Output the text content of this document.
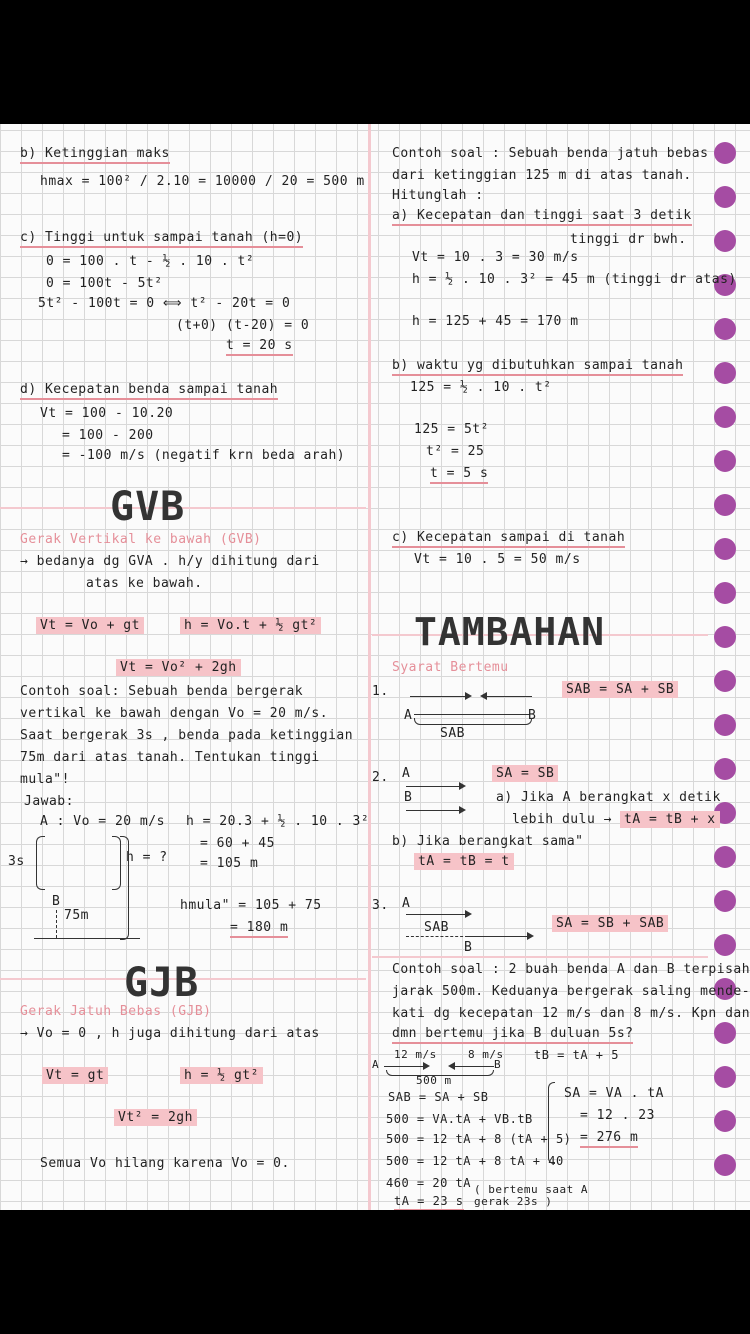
b) Ketinggian maks
hmax = 100² / 2.10 = 10000 / 20 = 500 m
c) Tinggi untuk sampai tanah (h=0)
0 = 100 . t - ½ . 10 . t²
0 = 100t - 5t²
5t² - 100t = 0 ⟺ t² - 20t = 0
(t+0) (t-20) = 0
t = 20 s
d) Kecepatan benda sampai tanah
Vt = 100 - 10.20
= 100 - 200
= -100 m/s (negatif krn beda arah)
GVB
Gerak Vertikal ke bawah (GVB)
→ bedanya dg GVA . h/y dihitung dari
atas ke bawah.
Vt = Vo + gt	h = Vo.t + ½ gt²
Vt = Vo² + 2gh
Contoh soal: Sebuah benda bergerak
vertikal ke bawah dengan Vo = 20 m/s.
Saat bergerak 3s , benda pada ketinggian
75m dari atas tanah. Tentukan tinggi
mula"!
Jawab:
A : Vo = 20 m/s
3s	h = ?
B
75m
h = 20.3 + ½ . 10 . 3²
= 60 + 45
= 105 m
hmula" = 105 + 75
= 180 m
GJB
Gerak Jatuh Bebas (GJB)
→ Vo = 0 , h juga dihitung dari atas
Vt = gt	h = ½ gt²
Vt² = 2gh
Semua Vo hilang karena Vo = 0.
Contoh soal : Sebuah benda jatuh bebas
dari ketinggian 125 m di atas tanah.
Hitunglah :
a) Kecepatan dan tinggi saat 3 detik
tinggi dr bwh.
Vt = 10 . 3 = 30 m/s
h = ½ . 10 . 3² = 45 m (tinggi dr atas)
h = 125 + 45 = 170 m
b) waktu yg dibutuhkan sampai tanah
125 = ½ . 10 . t²
125 = 5t²
t² = 25
t = 5 s
c) Kecepatan sampai di tanah
Vt = 10 . 5 = 50 m/s
TAMBAHAN
Syarat Bertemu
1.	SAB = SA + SB
A	B
SAB
2. A
B
SA = SB
a) Jika A berangkat x detik
lebih dulu → tA = tB + x
b) Jika berangkat sama"
tA = tB = t
3. A
SAB
B
SA = SB + SAB
Contoh soal : 2 buah benda A dan B terpisah
jarak 500m. Keduanya bergerak saling mende-
kati dg kecepatan 12 m/s dan 8 m/s. Kpn dan
dmn bertemu jika B duluan 5s?
12 m/s	8 m/s
A	B
500 m
tB = tA + 5
SAB = SA + SB
500 = VA.tA + VB.tB
500 = 12 tA + 8 (tA + 5)
500 = 12 tA + 8 tA + 40
460 = 20 tA
tA = 23 s
( bertemu saat A gerak 23s )
SA = VA . tA
= 12 . 23
= 276 m
